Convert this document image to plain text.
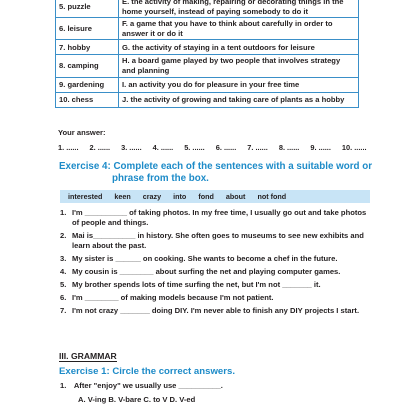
5. puzzle	E. the activity of making, repairing or decorating things in the home yourself, instead of paying somebody to do it
6. leisure	F. a game that you have to think about carefully in order to answer it or do it
7. hobby	G. the activity of staying in a tent outdoors for leisure
8. camping	H. a board game played by two people that involves strategy and planning
9. gardening	I. an activity you do for pleasure in your free time
10. chess	J. the activity of growing and taking care of plants as a hobby
Your answer:
1. ...... 2. ...... 3. ...... 4. ...... 5. ...... 6. ...... 7. ...... 8. ...... 9. ...... 10. ......
Exercise 4: Complete each of the sentences with a suitable word or
phrase from the box.
interested keen crazy into fond about not fond
1. I'm __________ of taking photos. In my free time, I usually go out and take photos of people and things.
2. Mai is__________ in history. She often goes to museums to see new exhibits and learn about the past.
3. My sister is ______ on cooking. She wants to become a chef in the future.
4. My cousin is ________ about surfing the net and playing computer games.
5. My brother spends lots of time surfing the net, but I'm not _______ it.
6. I'm ________ of making models because I'm not patient.
7. I'm not crazy _______ doing DIY. I'm never able to finish any DIY projects I start.
III. GRAMMAR
Exercise 1: Circle the correct answers.
1. After "enjoy" we usually use __________.
A. V-ing B. V-bare C. to V D. V-ed
